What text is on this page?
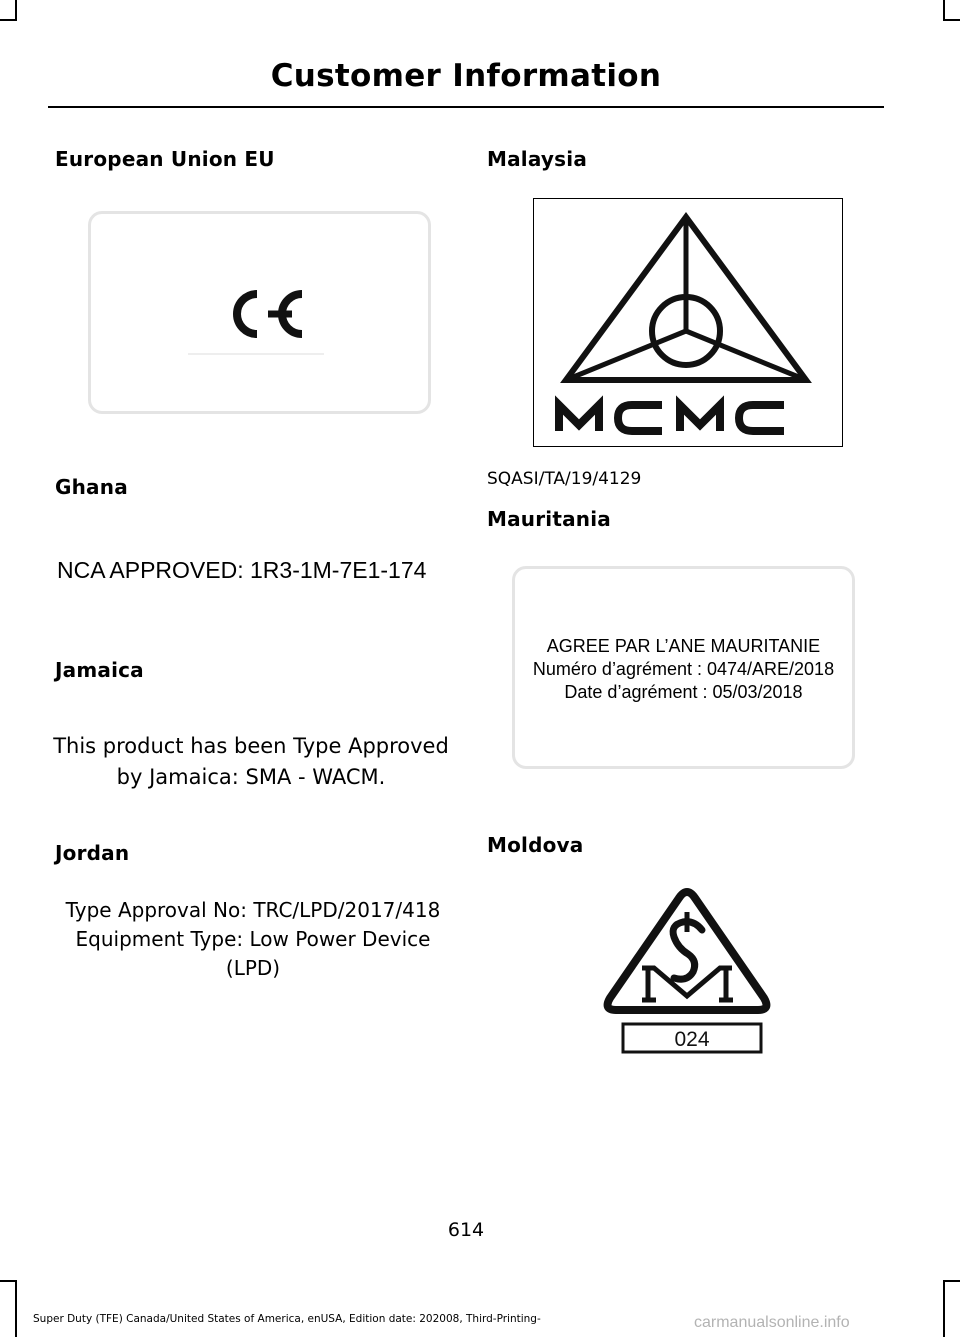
Customer Information
European Union EU
Ghana
NCA APPROVED: 1R3-1M-7E1-174
Jamaica
This product has been Type Approved
by Jamaica: SMA - WACM.
Jordan
Type Approval No: TRC/LPD/2017/418
Equipment Type: Low Power Device (LPD)
Malaysia
SQASI/TA/19/4129
Mauritania
AGREE PAR L’ANE MAURITANIE
Numéro d’agrément : 0474/ARE/2018
Date d’agrément : 05/03/2018
Moldova
024
614
Super Duty (TFE) Canada/United States of America, enUSA, Edition date: 202008, Third-Printing-	carmanualsonline.info
